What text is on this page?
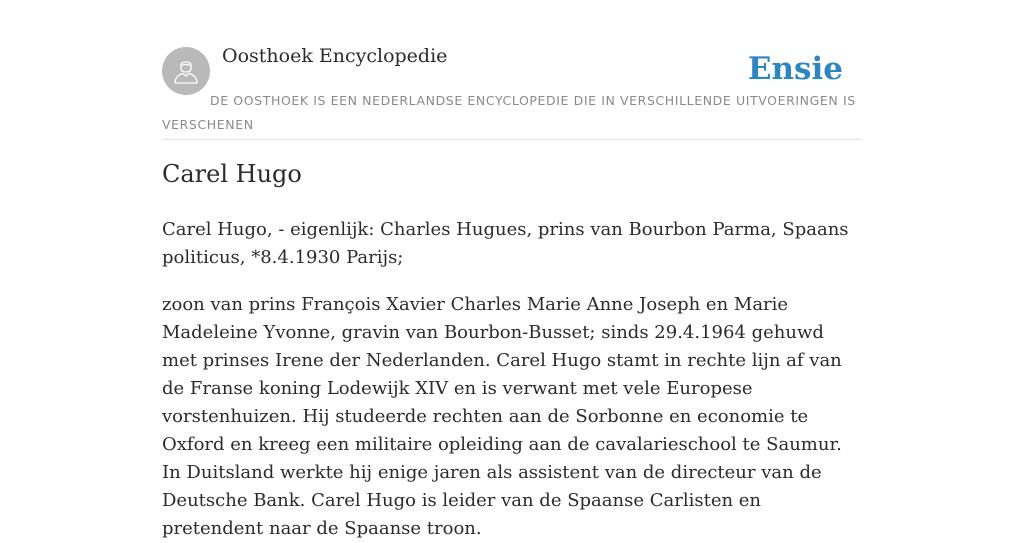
Oosthoek Encyclopedie	Ensie
DE OOSTHOEK IS EEN NEDERLANDSE ENCYCLOPEDIE DIE IN VERSCHILLENDE UITVOERINGEN IS VERSCHENEN
Carel Hugo

Carel Hugo, - eigenlijk: Charles Hugues, prins van Bourbon Parma, Spaans politicus, *8.4.1930 Parijs;

zoon van prins François Xavier Charles Marie Anne Joseph en Marie Madeleine Yvonne, gravin van Bourbon-Busset; sinds 29.4.1964 gehuwd met prinses Irene der Nederlanden. Carel Hugo stamt in rechte lijn af van de Franse koning Lodewijk XIV en is verwant met vele Europese vorstenhuizen. Hij studeerde rechten aan de Sorbonne en economie te Oxford en kreeg een militaire opleiding aan de cavalarieschool te Saumur. In Duitsland werkte hij enige jaren als assistent van de directeur van de Deutsche Bank. Carel Hugo is leider van de Spaanse Carlisten en pretendent naar de Spaanse troon.
